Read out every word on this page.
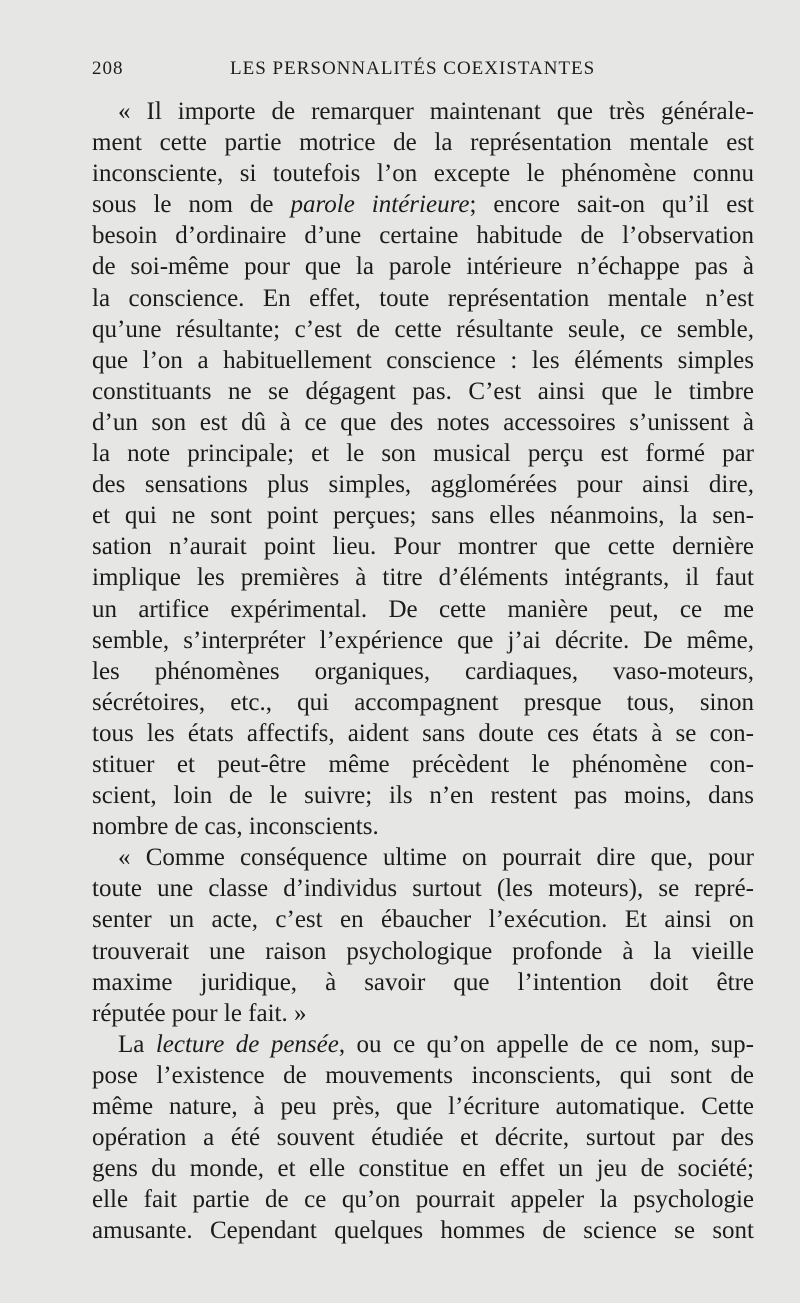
208	LES PERSONNALITÉS COEXISTANTES
« Il importe de remarquer maintenant que très générale-
ment cette partie motrice de la représentation mentale est
inconsciente, si toutefois l’on excepte le phénomène connu
sous le nom de parole intérieure; encore sait-on qu’il est
besoin d’ordinaire d’une certaine habitude de l’observation
de soi-même pour que la parole intérieure n’échappe pas à
la conscience. En effet, toute représentation mentale n’est
qu’une résultante; c’est de cette résultante seule, ce semble,
que l’on a habituellement conscience : les éléments simples
constituants ne se dégagent pas. C’est ainsi que le timbre
d’un son est dû à ce que des notes accessoires s’unissent à
la note principale; et le son musical perçu est formé par
des sensations plus simples, agglomérées pour ainsi dire,
et qui ne sont point perçues; sans elles néanmoins, la sen-
sation n’aurait point lieu. Pour montrer que cette dernière
implique les premières à titre d’éléments intégrants, il faut
un artifice expérimental. De cette manière peut, ce me
semble, s’interpréter l’expérience que j’ai décrite. De même,
les phénomènes organiques, cardiaques, vaso-moteurs,
sécrétoires, etc., qui accompagnent presque tous, sinon
tous les états affectifs, aident sans doute ces états à se con-
stituer et peut-être même précèdent le phénomène con-
scient, loin de le suivre; ils n’en restent pas moins, dans
nombre de cas, inconscients.
« Comme conséquence ultime on pourrait dire que, pour
toute une classe d’individus surtout (les moteurs), se repré-
senter un acte, c’est en ébaucher l’exécution. Et ainsi on
trouverait une raison psychologique profonde à la vieille
maxime juridique, à savoir que l’intention doit être
réputée pour le fait. »
La lecture de pensée, ou ce qu’on appelle de ce nom, sup-
pose l’existence de mouvements inconscients, qui sont de
même nature, à peu près, que l’écriture automatique. Cette
opération a été souvent étudiée et décrite, surtout par des
gens du monde, et elle constitue en effet un jeu de société;
elle fait partie de ce qu’on pourrait appeler la psychologie
amusante. Cependant quelques hommes de science se sont
